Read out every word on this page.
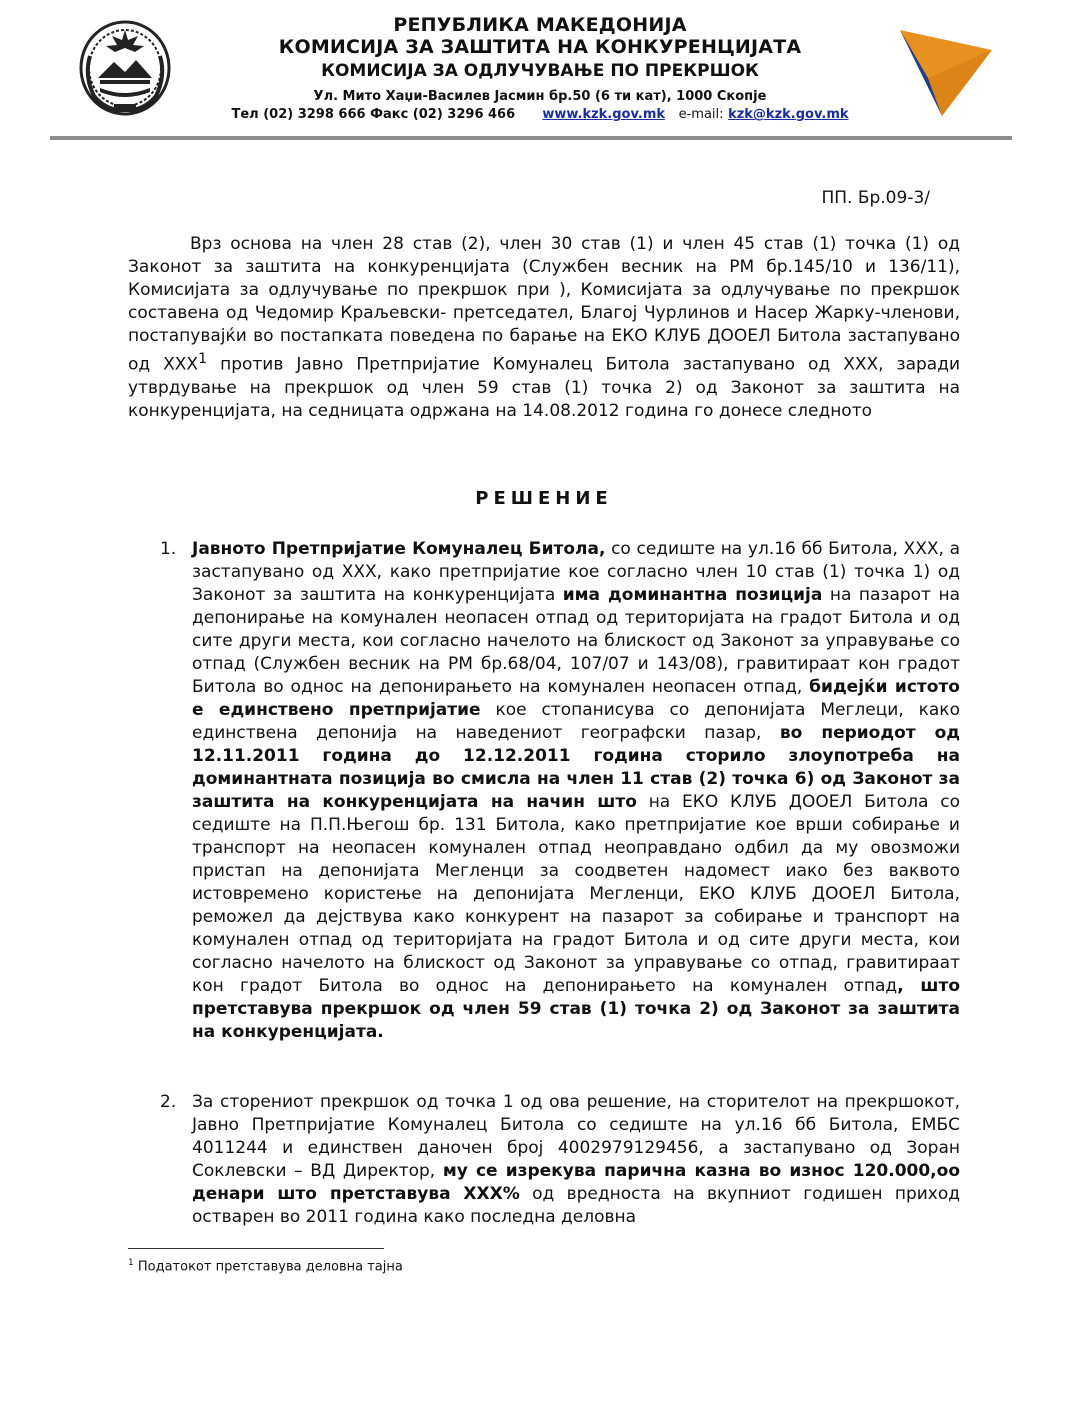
РЕПУБЛИКА МАКЕДОНИЈА
КОМИСИЈА ЗА ЗАШТИТА НА КОНКУРЕНЦИЈАТА
КОМИСИЈА ЗА ОДЛУЧУВАЊЕ ПО ПРЕКРШОК
Ул. Мито Хаџи-Василев Јасмин бр.50 (6 ти кат), 1000 Скопје
Тел (02) 3298 666 Факс (02) 3296 466 www.kzk.gov.mk e-mail: kzk@kzk.gov.mk
ПП. Бр.09-3/
Врз основа на член 28 став (2), член 30 став (1) и член 45 став (1) точка (1) од Законот за заштита на конкуренцијата (Службен весник на РМ бр.145/10 и 136/11), Комисијата за одлучување по прекршок при ), Комисијата за одлучување по прекршок составена од Чедомир Краљевски- претседател, Благој Чурлинов и Насер Жарку-членови, постапувајќи во постапката поведена по барање на ЕКО КЛУБ ДООЕЛ Битола застапувано од ХХХ$^1$ против Јавно Претпријатие Комуналец Битола застапувано од ХХХ, заради утврдување на прекршок од член 59 став (1) точка 2) од Законот за заштита на конкуренцијата, на седницата одржана на 14.08.2012 година го донесе следното
РЕШЕНИЕ
1. Јавното Претпријатие Комуналец Битола, со седиште на ул.16 бб Битола, ХХХ, а застапувано од ХХХ, како претпријатие кое согласно член 10 став (1) точка 1) од Законот за заштита на конкуренцијата има доминантна позиција на пазарот на депонирање на комунален неопасен отпад од територијата на градот Битола и од сите други места, кои согласно начелото на блискост од Законот за управување со отпад (Службен весник на РМ бр.68/04, 107/07 и 143/08), гравитираат кон градот Битола во однос на депонирањето на комунален неопасен отпад, бидејќи истото е единствено претпријатие кое стопанисува со депонијата Меглеци, како единствена депонија на наведениот географски пазар, во периодот од 12.11.2011 година до 12.12.2011 година сторило злоупотреба на доминантната позиција во смисла на член 11 став (2) точка 6) од Законот за заштита на конкуренцијата на начин што на ЕКО КЛУБ ДООЕЛ Битола со седиште на П.П.Његош бр. 131 Битола, како претпријатие кое врши собирање и транспорт на неопасен комунален отпад неоправдано одбил да му овозможи пристап на депонијата Мегленци за соодветен надомест иако без ваквото истовремено користење на депонијата Мегленци, ЕКО КЛУБ ДООЕЛ Битола, реможел да дејствува како конкурент на пазарот за собирање и транспорт на комунален отпад од територијата на градот Битола и од сите други места, кои согласно начелото на блискост од Законот за управување со отпад, гравитираат кон градот Битола во однос на депонирањето на комунален отпад, што претставува прекршок од член 59 став (1) точка 2) од Законот за заштита на конкуренцијата.
2. За сторениот прекршок од точка 1 од ова решение, на сторителот на прекршокот, Јавно Претпријатие Комуналец Битола со седиште на ул.16 бб Битола, ЕМБС 4011244 и единствен даночен број 4002979129456, а застапувано од Зоран Соклевски – ВД Директор, му се изрекува парична казна во износ 120.000,оо денари што претставува ХХХ% од вредноста на вкупниот годишен приход остварен во 2011 година како последна деловна
$^1$ Податокот претставува деловна тајна
